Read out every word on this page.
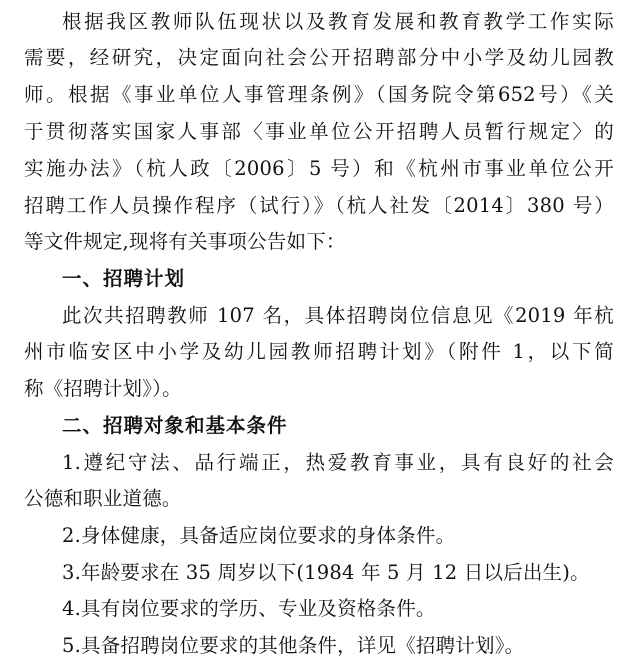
根据我区教师队伍现状以及教育发展和教育教学工作实际
需要，经研究，决定面向社会公开招聘部分中小学及幼儿园教
师。根据《事业单位人事管理条例》（国务院令第652号）《关
于贯彻落实国家人事部〈事业单位公开招聘人员暂行规定〉的
实施办法》（杭人政〔2006〕5 号）和《杭州市事业单位公开
招聘工作人员操作程序（试行）》（杭人社发〔2014〕380 号）
等文件规定,现将有关事项公告如下：
一、招聘计划
此次共招聘教师 107 名，具体招聘岗位信息见《2019 年杭
州市临安区中小学及幼儿园教师招聘计划》（附件 1，以下简
称《招聘计划》）。
二、招聘对象和基本条件
1.遵纪守法、品行端正，热爱教育事业，具有良好的社会
公德和职业道德。
2.身体健康，具备适应岗位要求的身体条件。
3.年龄要求在 35 周岁以下(1984 年 5 月 12 日以后出生)。
4.具有岗位要求的学历、专业及资格条件。
5.具备招聘岗位要求的其他条件，详见《招聘计划》。
